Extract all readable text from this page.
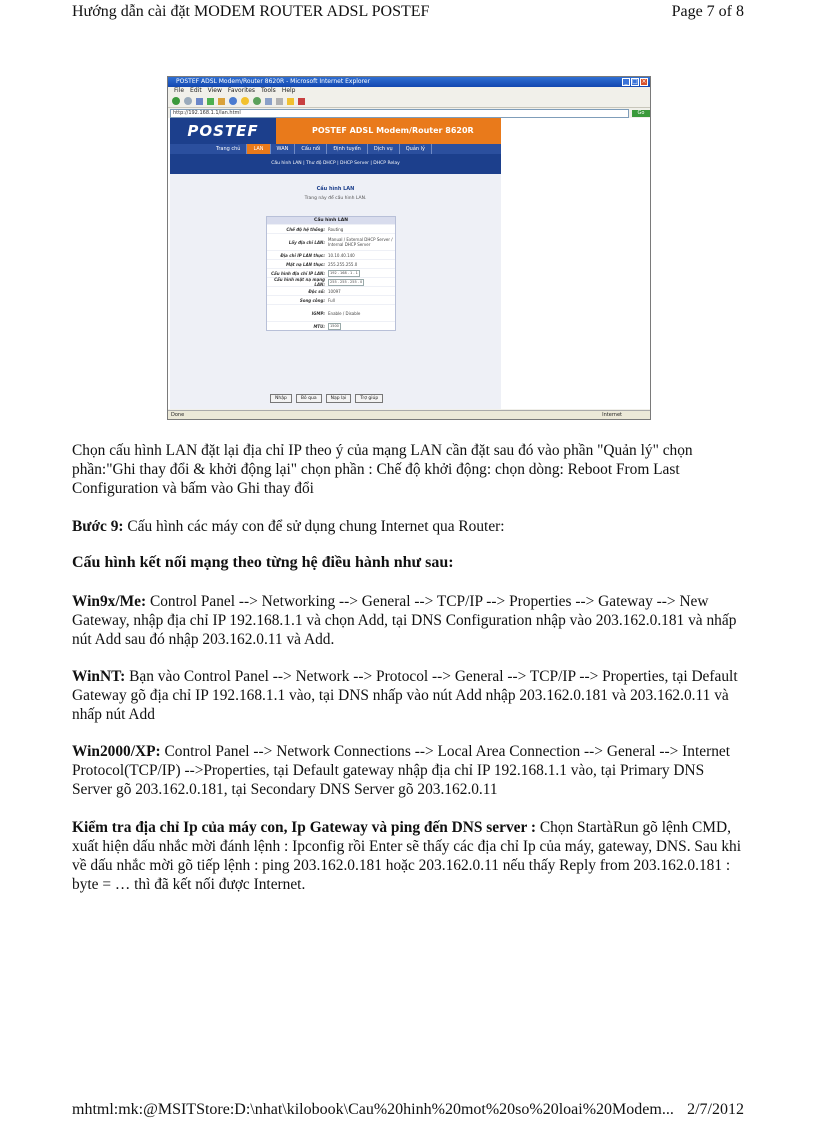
Hướng dẫn cài đặt MODEM ROUTER ADSL POSTEF	Page 7 of 8
POSTEF ADSL Modem/Router 8620R - Microsoft Internet Explorer	_ □ ×
File Edit View Favorites Tools Help
http://192.168.1.1/lan.html	Go
POSTEF	POSTEF ADSL Modem/Router 8620R
Trang chủ	LAN	WAN	Cấu nối	Định tuyến	Dịch vụ	Quản lý
Cấu hình LAN | Thư độ DHCP | DHCP Server | DHCP Relay
Cấu hình LAN
Trang này để cấu hình LAN.
Cấu hình LAN
Chế độ hệ thống: Routing
Lấy địa chỉ LAN: Manual / External DHCP Server / Internal DHCP Server
Địa chỉ IP LAN thực: 10.10.40.140
Mặt nạ LAN thực: 255.255.255.0
Cấu hình địa chỉ IP LAN:	192 . 168 . 1 . 1
Cấu hình mặt nạ mạng LAN:
255 . 255 . 255 . 0
Độc số: 10097
Song công: Full
IGMP: Enable / Disable
MTU:	1500
Nhập	Bỏ qua	Nạp lại	Trợ giúp
Done	Internet
Chọn cấu hình LAN đặt lại địa chỉ IP theo ý của mạng LAN cần đặt sau đó vào phần "Quản lý" chọn phần:"Ghi thay đổi & khởi động lại" chọn phần : Chế độ khởi động: chọn dòng: Reboot From Last Configuration và bấm vào Ghi thay đổi
Bước 9: Cấu hình các máy con để sử dụng chung Internet qua Router:
Cấu hình kết nối mạng theo từng hệ điều hành như sau:
Win9x/Me: Control Panel --> Networking --> General --> TCP/IP --> Properties --> Gateway --> New Gateway, nhập địa chỉ IP 192.168.1.1 và chọn Add, tại DNS Configuration nhập vào 203.162.0.181 và nhấp nút Add sau đó nhập 203.162.0.11 và Add.
WinNT: Bạn vào Control Panel --> Network --> Protocol --> General --> TCP/IP --> Properties, tại Default Gateway gõ địa chỉ IP 192.168.1.1 vào, tại DNS nhấp vào nút Add nhập 203.162.0.181 và 203.162.0.11 và nhấp nút Add
Win2000/XP: Control Panel --> Network Connections --> Local Area Connection --> General --> Internet Protocol(TCP/IP) -->Properties, tại Default gateway nhập địa chỉ IP 192.168.1.1 vào, tại Primary DNS Server gõ 203.162.0.181, tại Secondary DNS Server gõ 203.162.0.11
Kiểm tra địa chỉ Ip của máy con, Ip Gateway và ping đến DNS server : Chọn StartàRun gõ lệnh CMD, xuất hiện dấu nhắc mời đánh lệnh : Ipconfig rồi Enter sẽ thấy các địa chỉ Ip của máy, gateway, DNS. Sau khi về dấu nhắc mời gõ tiếp lệnh : ping 203.162.0.181 hoặc 203.162.0.11 nếu thấy Reply from 203.162.0.181 : byte = … thì đã kết nối được Internet.
mhtml:mk:@MSITStore:D:\nhat\kilobook\Cau%20hinh%20mot%20so%20loai%20Modem... 2/7/2012
